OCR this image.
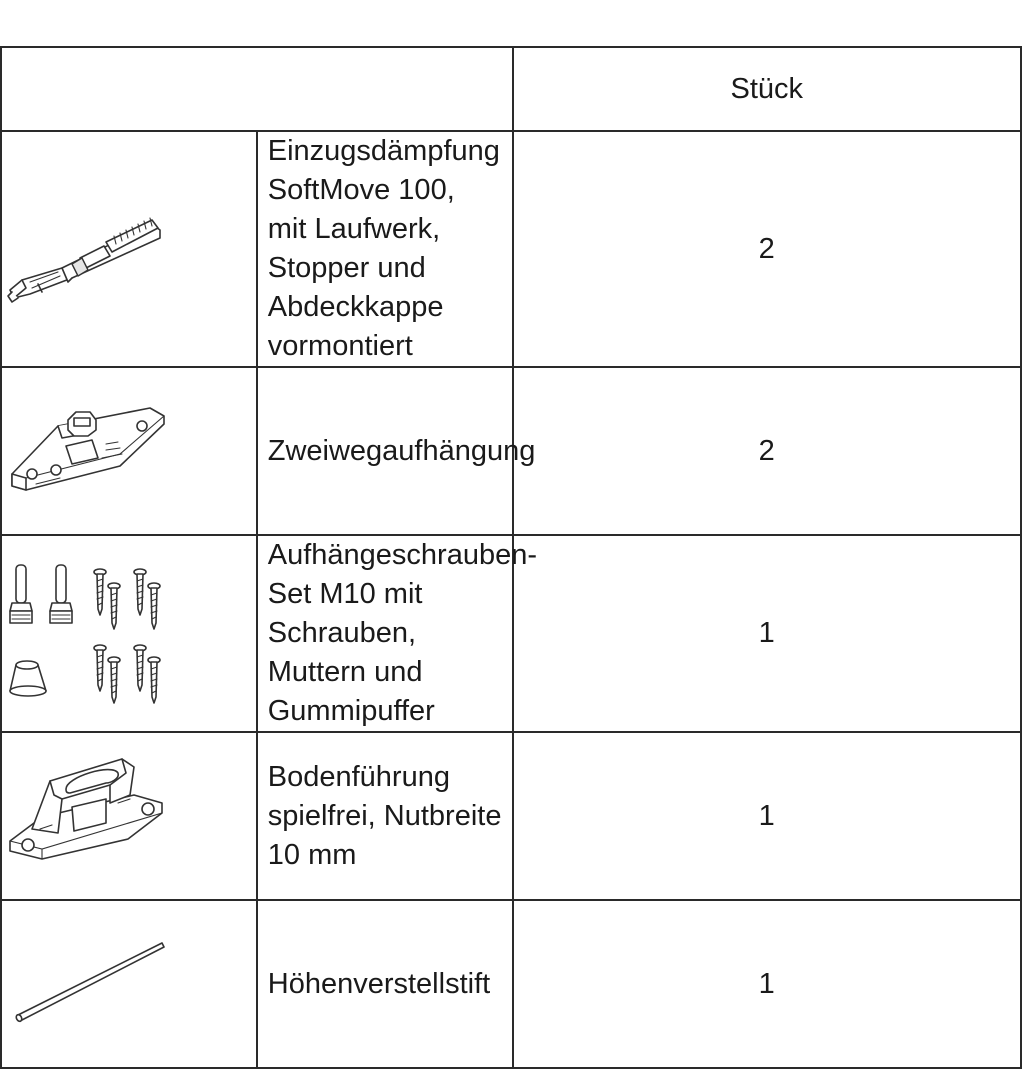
		Stück

Einzugsdämpfung SoftMove 100,
mit Laufwerk, Stopper und Abdeckkappe
vormontiert	2

Zweiwegaufhängung	2

Aufhängeschrauben-Set M10 mit Schrauben,
Muttern und Gummipuffer	1

Bodenführung spielfrei, Nutbreite 10 mm	1

Höhenverstellstift	1
